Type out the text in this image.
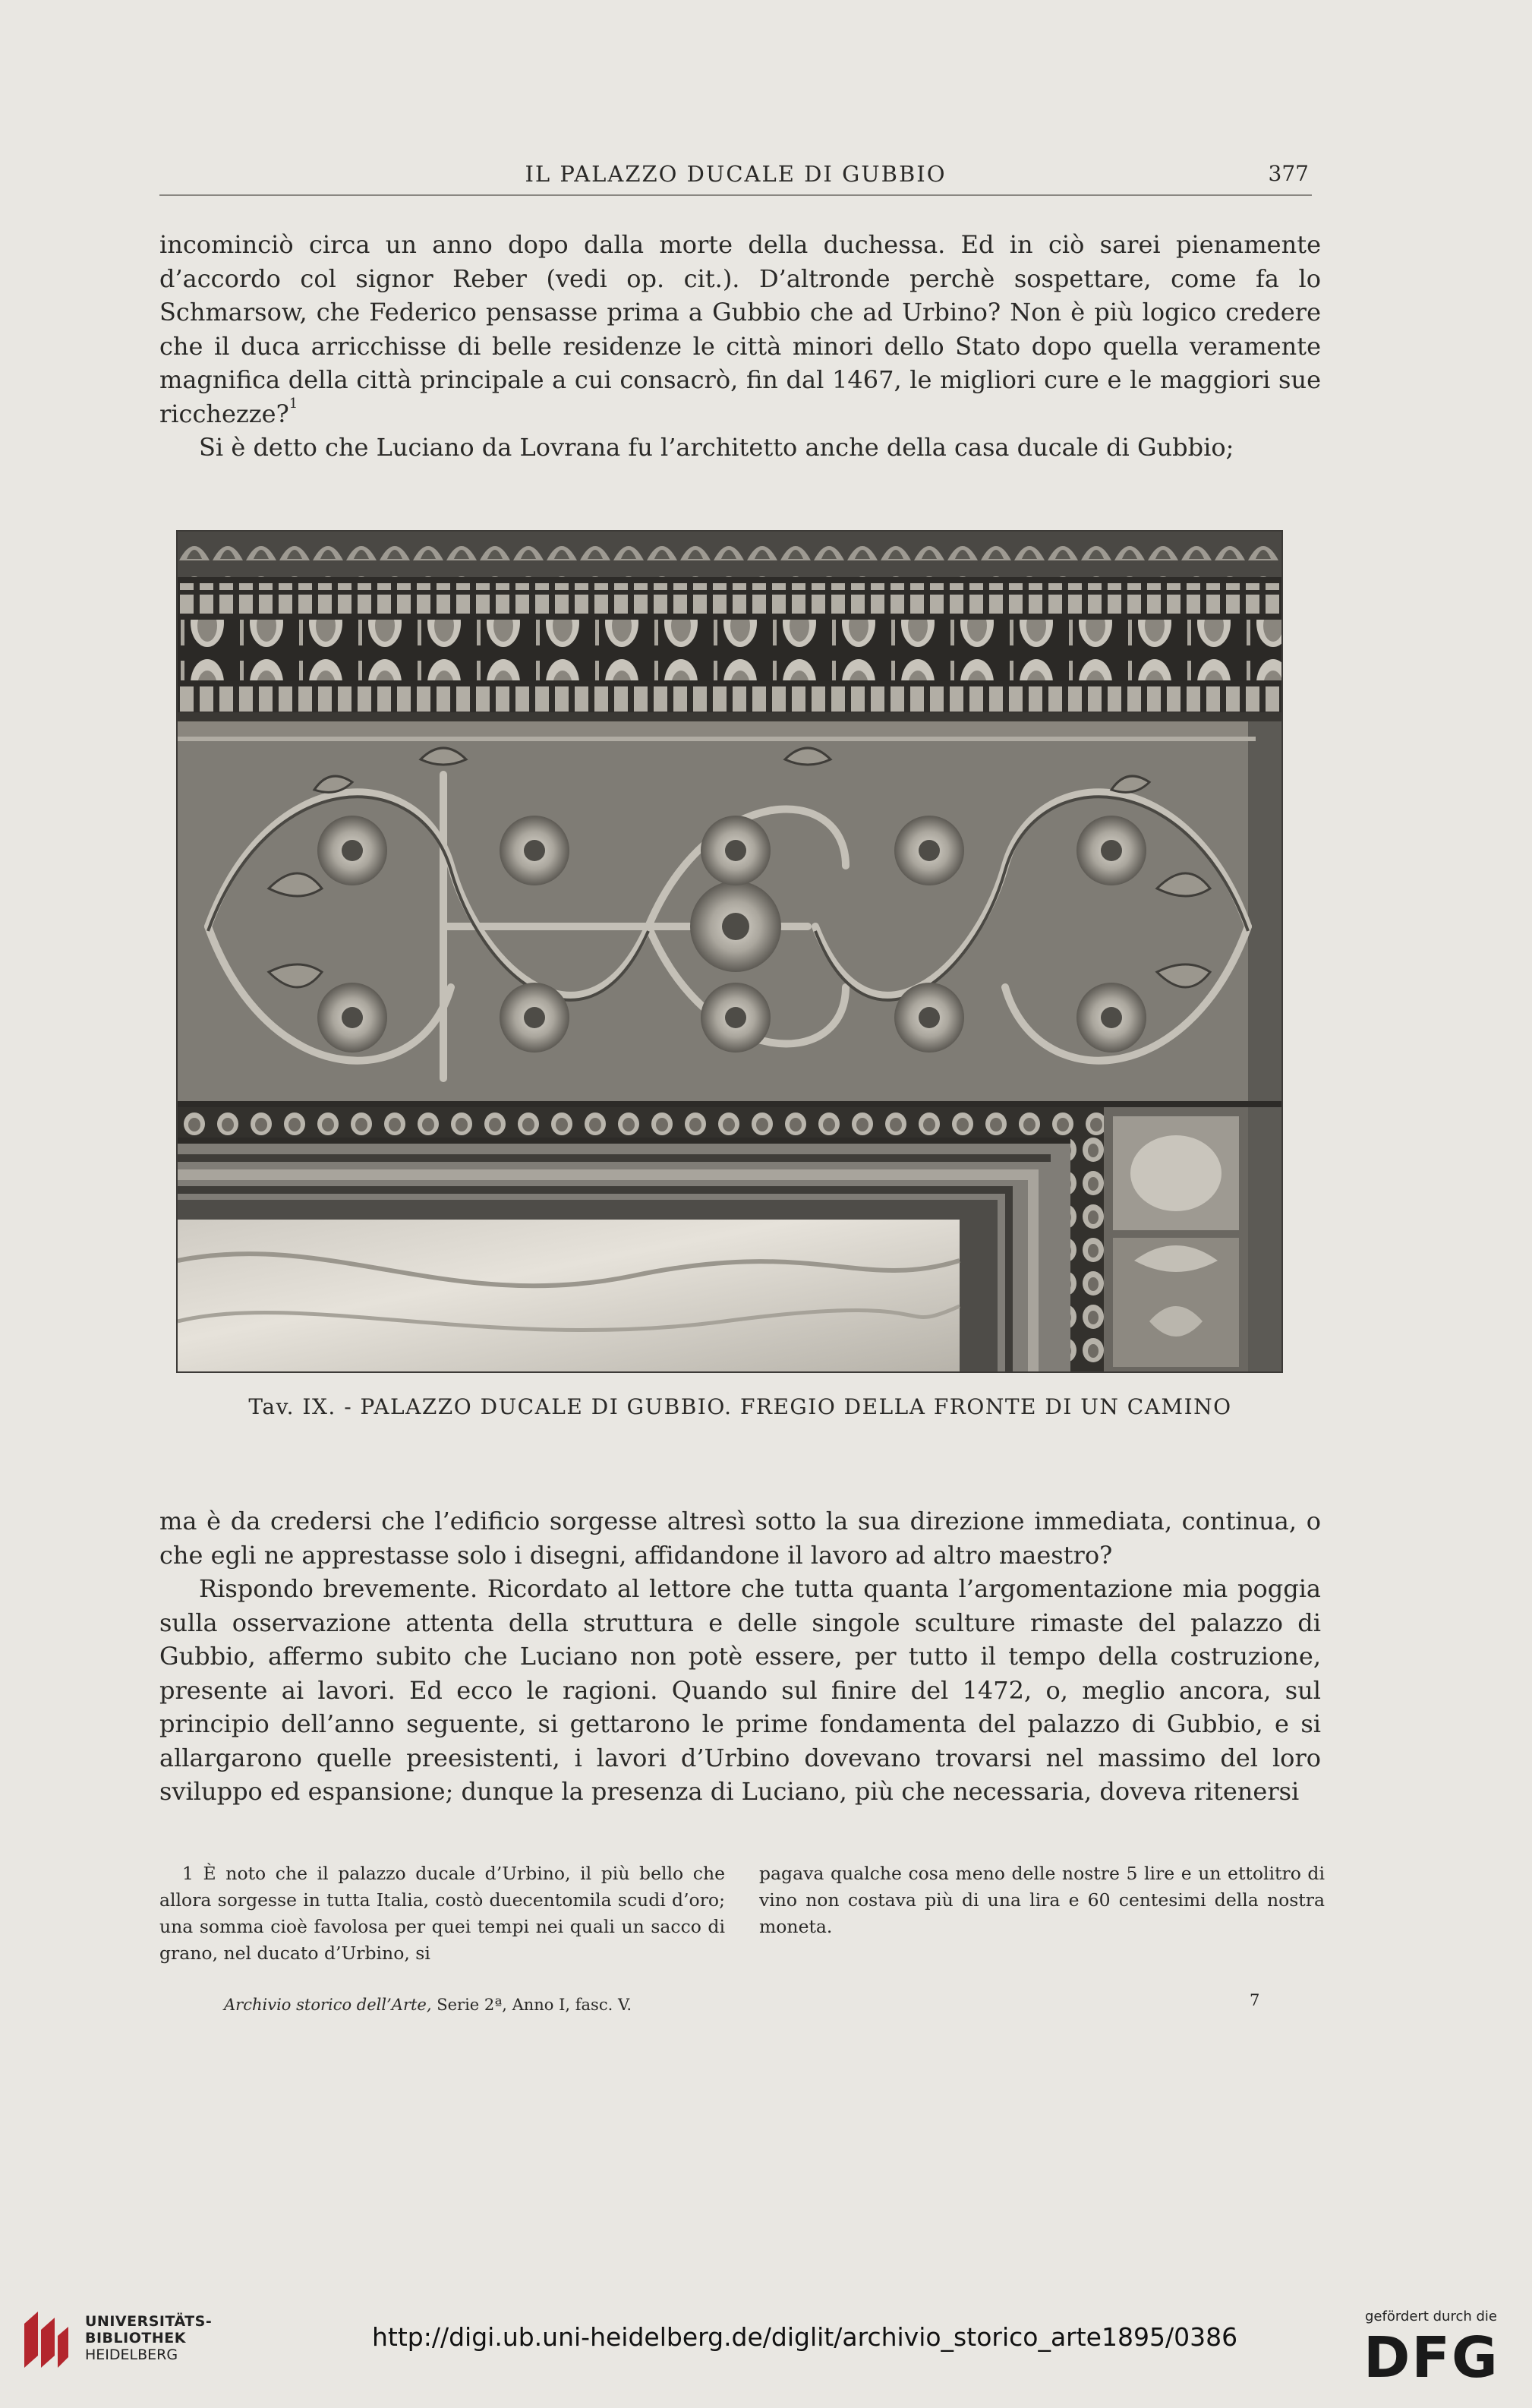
IL PALAZZO DUCALE DI GUBBIO	377

incominciò circa un anno dopo dalla morte della duchessa. Ed in ciò sarei pienamente d’accordo col signor Reber (vedi op. cit.). D’altronde perchè sospettare, come fa lo Schmarsow, che Federico pensasse prima a Gubbio che ad Urbino? Non è più logico credere che il duca arricchisse di belle residenze le città minori dello Stato dopo quella veramente magnifica della città principale a cui consacrò, fin dal 1467, le migliori cure e le maggiori sue ricchezze?$^1$

Si è detto che Luciano da Lovrana fu l’architetto anche della casa ducale di Gubbio;

Tav. IX. - PALAZZO DUCALE DI GUBBIO. FREGIO DELLA FRONTE DI UN CAMINO

ma è da credersi che l’edificio sorgesse altresì sotto la sua direzione immediata, continua, o che egli ne apprestasse solo i disegni, affidandone il lavoro ad altro maestro?

Rispondo brevemente. Ricordato al lettore che tutta quanta l’argomentazione mia poggia sulla osservazione attenta della struttura e delle singole sculture rimaste del palazzo di Gubbio, affermo subito che Luciano non potè essere, per tutto il tempo della costruzione, presente ai lavori. Ed ecco le ragioni. Quando sul finire del 1472, o, meglio ancora, sul principio dell’anno seguente, si gettarono le prime fondamenta del palazzo di Gubbio, e si allargarono quelle preesistenti, i lavori d’Urbino dovevano trovarsi nel massimo del loro sviluppo ed espansione; dunque la presenza di Luciano, più che necessaria, doveva ritenersi

1 È noto che il palazzo ducale d’Urbino, il più bello che allora sorgesse in tutta Italia, costò duecentomila scudi d’oro; una somma cioè favolosa per quei tempi nei quali un sacco di grano, nel ducato d’Urbino, si
pagava qualche cosa meno delle nostre 5 lire e un ettolitro di vino non costava più di una lira e 60 centesimi della nostra moneta.
Archivio storico dell’Arte, Serie 2ª, Anno I, fasc. V.	7
UNIVERSITÄTS-
BIBLIOTHEK
HEIDELBERG
http://digi.ub.uni-heidelberg.de/diglit/archivio_storico_arte1895/0386
gefördert durch die
DFG
